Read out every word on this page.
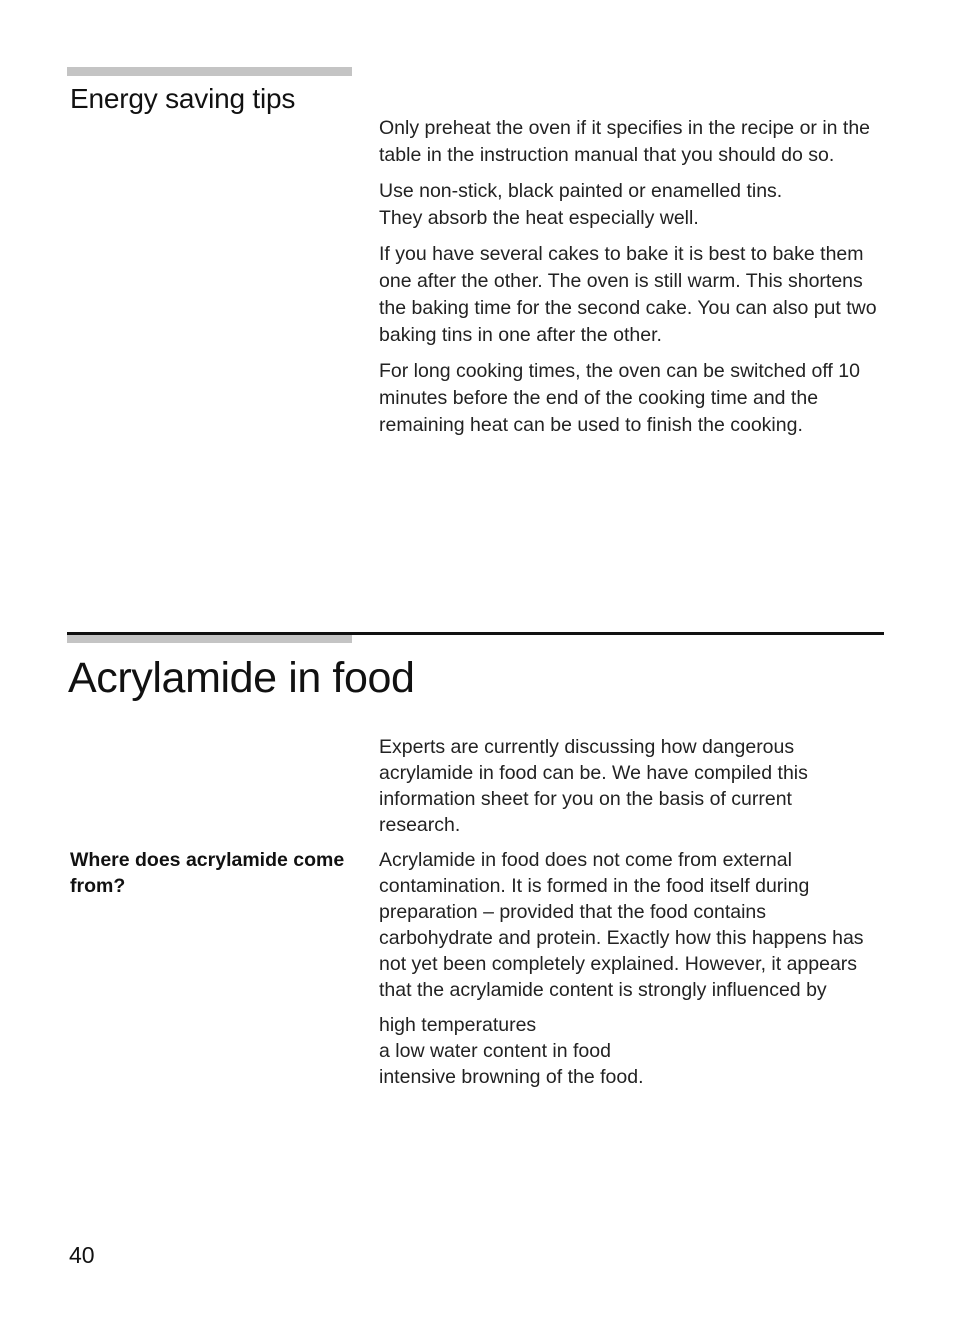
Energy saving tips

Only preheat the oven if it specifies in the recipe or in the table in the instruction manual that you should do so.

Use non-stick, black painted or enamelled tins. They absorb the heat especially well.

If you have several cakes to bake it is best to bake them one after the other. The oven is still warm. This shortens the baking time for the second cake. You can also put two baking tins in one after the other.

For long cooking times, the oven can be switched off 10 minutes before the end of the cooking time and the remaining heat can be used to finish the cooking.

Acrylamide in food

Experts are currently discussing how dangerous acrylamide in food can be. We have compiled this information sheet for you on the basis of current research.

Where does acrylamide come from?

Acrylamide in food does not come from external contamination. It is formed in the food itself during preparation – provided that the food contains carbohydrate and protein. Exactly how this happens has not yet been completely explained. However, it appears that the acrylamide content is strongly influenced by

high temperatures
a low water content in food
intensive browning of the food.

40
